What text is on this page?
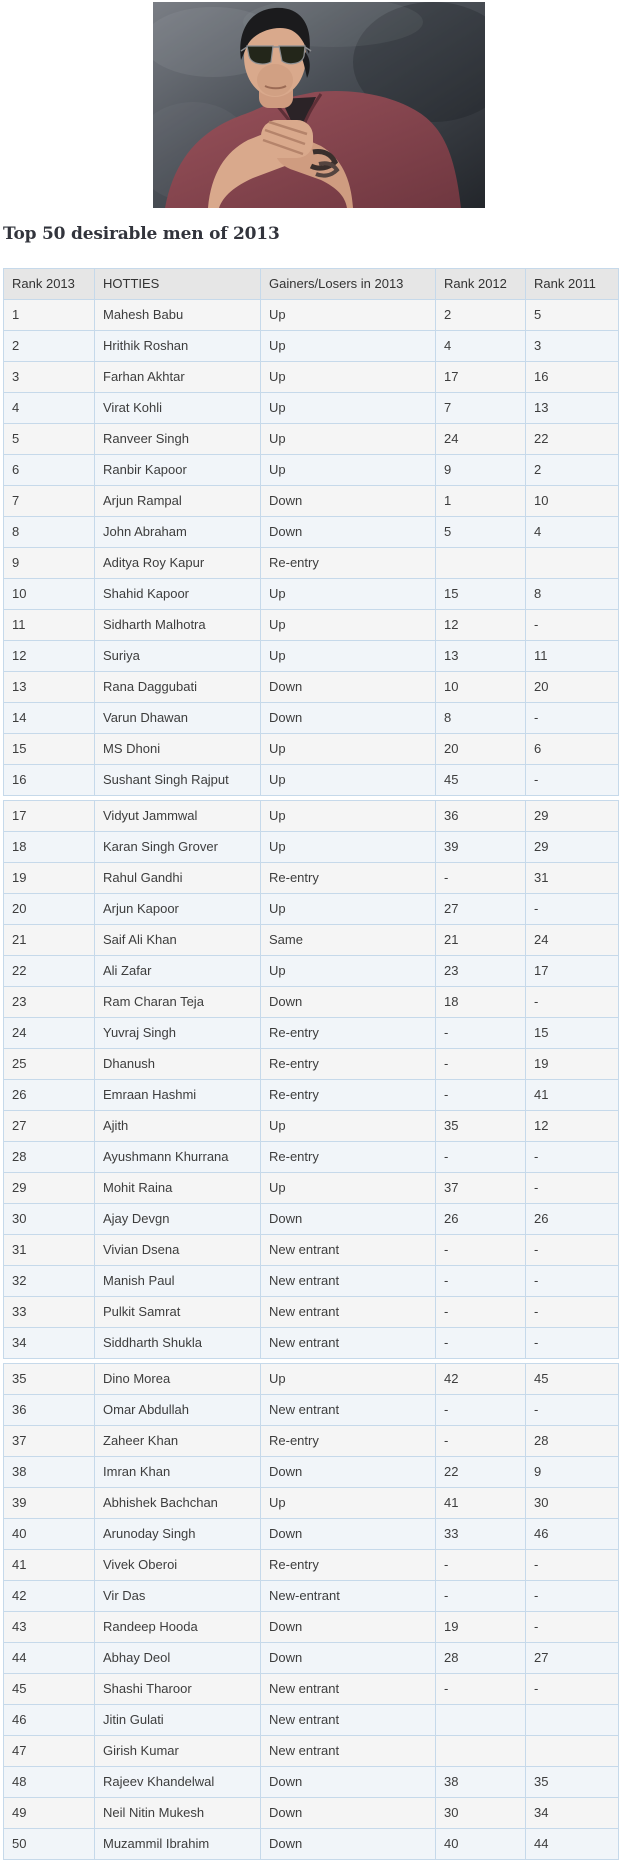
Top 50 desirable men of 2013
Rank 2013	HOTTIES	Gainers/Losers in 2013	Rank 2012	Rank 2011
1	Mahesh Babu	Up	2	5
2	Hrithik Roshan	Up	4	3
3	Farhan Akhtar	Up	17	16
4	Virat Kohli	Up	7	13
5	Ranveer Singh	Up	24	22
6	Ranbir Kapoor	Up	9	2
7	Arjun Rampal	Down	1	10
8	John Abraham	Down	5	4
9	Aditya Roy Kapur	Re-entry		
10	Shahid Kapoor	Up	15	8
11	Sidharth Malhotra	Up	12	-
12	Suriya	Up	13	11
13	Rana Daggubati	Down	10	20
14	Varun Dhawan	Down	8	-
15	MS Dhoni	Up	20	6
16	Sushant Singh Rajput	Up	45	-
17	Vidyut Jammwal	Up	36	29
18	Karan Singh Grover	Up	39	29
19	Rahul Gandhi	Re-entry	-	31
20	Arjun Kapoor	Up	27	-
21	Saif Ali Khan	Same	21	24
22	Ali Zafar	Up	23	17
23	Ram Charan Teja	Down	18	-
24	Yuvraj Singh	Re-entry	-	15
25	Dhanush	Re-entry	-	19
26	Emraan Hashmi	Re-entry	-	41
27	Ajith	Up	35	12
28	Ayushmann Khurrana	Re-entry	-	-
29	Mohit Raina	Up	37	-
30	Ajay Devgn	Down	26	26
31	Vivian Dsena	New entrant	-	-
32	Manish Paul	New entrant	-	-
33	Pulkit Samrat	New entrant	-	-
34	Siddharth Shukla	New entrant	-	-
35	Dino Morea	Up	42	45
36	Omar Abdullah	New entrant	-	-
37	Zaheer Khan	Re-entry	-	28
38	Imran Khan	Down	22	9
39	Abhishek Bachchan	Up	41	30
40	Arunoday Singh	Down	33	46
41	Vivek Oberoi	Re-entry	-	-
42	Vir Das	New-entrant	-	-
43	Randeep Hooda	Down	19	-
44	Abhay Deol	Down	28	27
45	Shashi Tharoor	New entrant	-	-
46	Jitin Gulati	New entrant		
47	Girish Kumar	New entrant		
48	Rajeev Khandelwal	Down	38	35
49	Neil Nitin Mukesh	Down	30	34
50	Muzammil Ibrahim	Down	40	44
